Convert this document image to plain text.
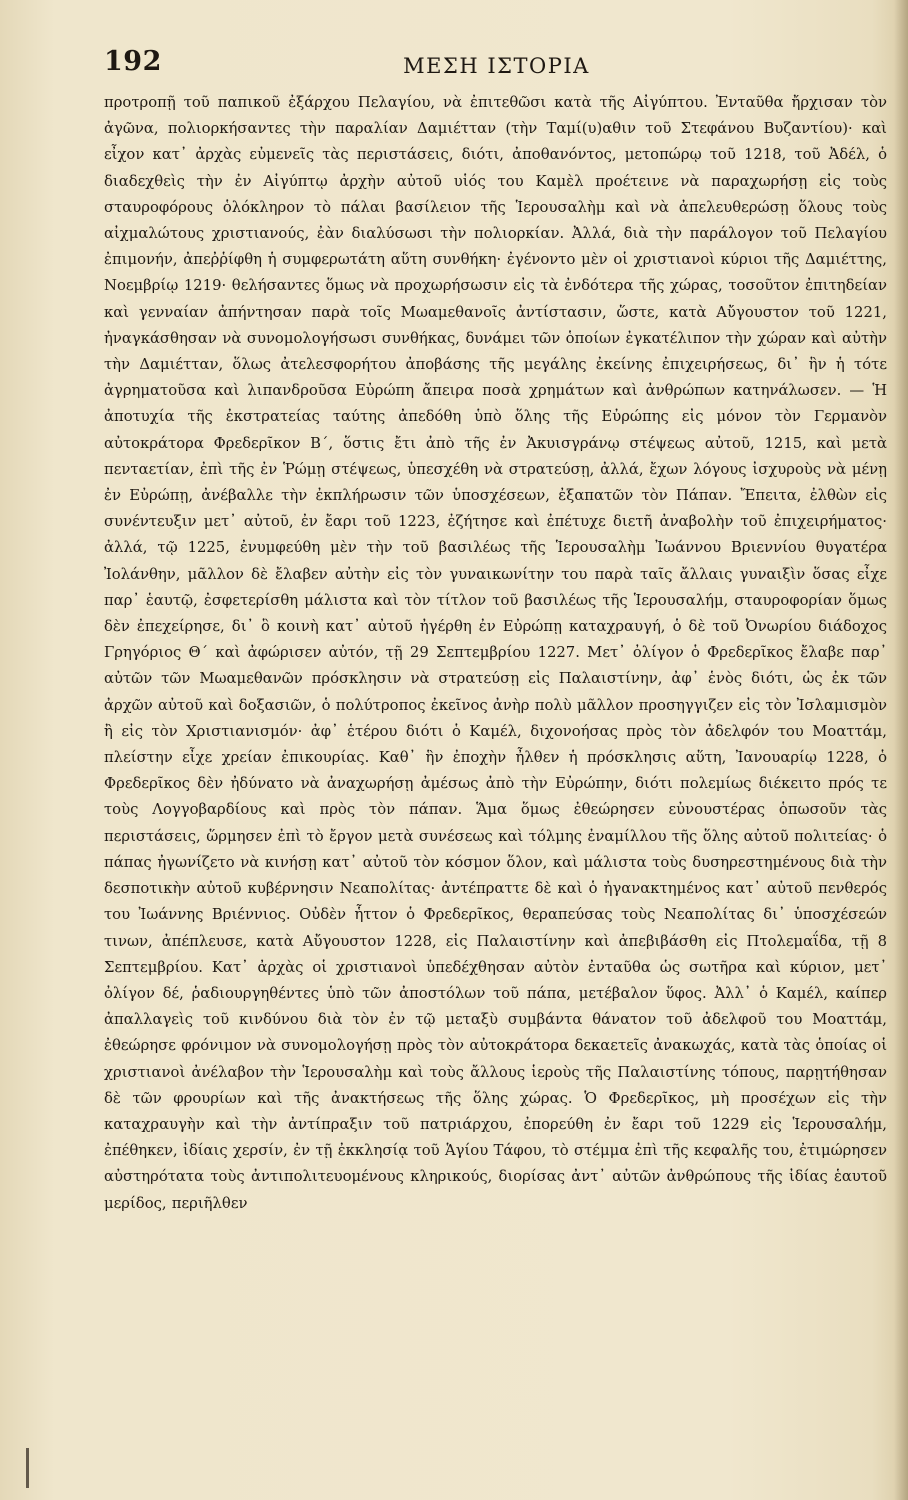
192	ΜΕΣΗ ΙΣΤΟΡΙΑ

προτροπῇ τοῦ παπικοῦ ἐξάρχου Πελαγίου, νὰ ἐπιτεθῶσι κατὰ τῆς Αἰγύπτου. Ἐνταῦθα ἤρχισαν τὸν ἀγῶνα, πολιορκήσαντες τὴν παραλίαν Δαμιέτταν (τὴν Ταμί(υ)αθιν τοῦ Στεφάνου Βυζαντίου)· καὶ εἶχον κατ᾽ ἀρχὰς εὐμενεῖς τὰς περιστάσεις, διότι, ἀποθανόντος, μετοπώρῳ τοῦ 1218, τοῦ Ἀδέλ, ὁ διαδεχθεὶς τὴν ἐν Αἰγύπτῳ ἀρχὴν αὐτοῦ υἱός του Καμὲλ προέτεινε νὰ παραχωρήσῃ εἰς τοὺς σταυροφόρους ὁλόκληρον τὸ πάλαι βασίλειον τῆς Ἱερουσαλὴμ καὶ νὰ ἀπελευθερώσῃ ὅλους τοὺς αἰχμαλώτους χριστιανούς, ἐὰν διαλύσωσι τὴν πολιορκίαν. Ἀλλά, διὰ τὴν παράλογον τοῦ Πελαγίου ἐπιμονήν, ἀπεῤῥίφθη ἡ συμφερωτάτη αὕτη συνθήκη· ἐγένοντο μὲν οἱ χριστιανοὶ κύριοι τῆς Δαμιέττης, Νοεμβρίῳ 1219· θελήσαντες ὅμως νὰ προχωρήσωσιν εἰς τὰ ἐνδότερα τῆς χώρας, τοσοῦτον ἐπιτηδείαν καὶ γενναίαν ἀπήντησαν παρὰ τοῖς Μωαμεθανοῖς ἀντίστασιν, ὥστε, κατὰ Αὔγουστον τοῦ 1221, ἠναγκάσθησαν νὰ συνομολογήσωσι συνθήκας, δυνάμει τῶν ὁποίων ἐγκατέλιπον τὴν χώραν καὶ αὐτὴν τὴν Δαμιέτταν, ὅλως ἀτελεσφορήτου ἀποβάσης τῆς μεγάλης ἐκείνης ἐπιχειρήσεως, δι᾽ ἣν ἡ τότε ἀγρηματοῦσα καὶ λιπανδροῦσα Εὐρώπη ἄπειρα ποσὰ χρημάτων καὶ ἀνθρώπων κατηνάλωσεν. — Ἡ ἀποτυχία τῆς ἐκστρατείας ταύτης ἀπεδόθη ὑπὸ ὅλης τῆς Εὐρώπης εἰς μόνον τὸν Γερμανὸν αὐτοκράτορα Φρεδερῖκον Β´, ὅστις ἔτι ἀπὸ τῆς ἐν Ἀκυισγράνῳ στέψεως αὐτοῦ, 1215, καὶ μετὰ πενταετίαν, ἐπὶ τῆς ἐν Ῥώμῃ στέψεως, ὑπεσχέθη νὰ στρατεύσῃ, ἀλλά, ἔχων λόγους ἰσχυροὺς νὰ μένῃ ἐν Εὐρώπῃ, ἀνέβαλλε τὴν ἐκπλήρωσιν τῶν ὑποσχέσεων, ἐξαπατῶν τὸν Πάπαν. Ἔπειτα, ἐλθὼν εἰς συνέντευξιν μετ᾽ αὐτοῦ, ἐν ἔαρι τοῦ 1223, ἐζήτησε καὶ ἐπέτυχε διετῆ ἀναβολὴν τοῦ ἐπιχειρήματος· ἀλλά, τῷ 1225, ἐνυμφεύθη μὲν τὴν τοῦ βασιλέως τῆς Ἱερουσαλὴμ Ἰωάννου Βριεννίου θυγατέρα Ἰολάνθην, μᾶλλον δὲ ἔλαβεν αὐτὴν εἰς τὸν γυναικωνίτην του παρὰ ταῖς ἄλλαις γυναιξὶν ὅσας εἶχε παρ᾽ ἑαυτῷ, ἐσφετερίσθη μάλιστα καὶ τὸν τίτλον τοῦ βασιλέως τῆς Ἱερουσαλήμ, σταυροφορίαν ὅμως δὲν ἐπεχείρησε, δι᾽ ὃ κοινὴ κατ᾽ αὐτοῦ ἠγέρθη ἐν Εὐρώπῃ καταχραυγή, ὁ δὲ τοῦ Ὀνωρίου διάδοχος Γρηγόριος Θ´ καὶ ἀφώρισεν αὐτόν, τῇ 29 Σεπτεμβρίου 1227. Μετ᾽ ὀλίγον ὁ Φρεδερῖκος ἔλαβε παρ᾽ αὐτῶν τῶν Μωαμεθανῶν πρόσκλησιν νὰ στρατεύσῃ εἰς Παλαιστίνην, ἀφ᾽ ἑνὸς διότι, ὡς ἐκ τῶν ἀρχῶν αὐτοῦ καὶ δοξασιῶν, ὁ πολύτροπος ἐκεῖνος ἀνὴρ πολὺ μᾶλλον προσηγγιζεν εἰς τὸν Ἰσλαμισμὸν ἢ εἰς τὸν Χριστιανισμόν· ἀφ᾽ ἑτέρου διότι ὁ Καμέλ, διχονοήσας πρὸς τὸν ἀδελφόν του Μοαττάμ, πλείστην εἶχε χρείαν ἐπικουρίας. Καθ᾽ ἣν ἐποχὴν ἦλθεν ἡ πρόσκλησις αὕτη, Ἰανουαρίῳ 1228, ὁ Φρεδερῖκος δὲν ἠδύνατο νὰ ἀναχωρήσῃ ἀμέσως ἀπὸ τὴν Εὐρώπην, διότι πολεμίως διέκειτο πρός τε τοὺς Λογγοβαρδίους καὶ πρὸς τὸν πάπαν. Ἅμα ὅμως ἐθεώρησεν εὐνουστέρας ὁπωσοῦν τὰς περιστάσεις, ὥρμησεν ἐπὶ τὸ ἔργον μετὰ συνέσεως καὶ τόλμης ἐναμίλλου τῆς ὅλης αὐτοῦ πολιτείας· ὁ πάπας ἠγωνίζετο νὰ κινήσῃ κατ᾽ αὐτοῦ τὸν κόσμον ὅλον, καὶ μάλιστα τοὺς δυσηρεστημένους διὰ τὴν δεσποτικὴν αὐτοῦ κυβέρνησιν Νεαπολίτας· ἀντέπραττε δὲ καὶ ὁ ἠγανακτημένος κατ᾽ αὐτοῦ πενθερός του Ἰωάννης Βριέννιος. Οὐδὲν ἧττον ὁ Φρεδερῖκος, θεραπεύσας τοὺς Νεαπολίτας δι᾽ ὑποσχέσεών τινων, ἀπέπλευσε, κατὰ Αὔγουστον 1228, εἰς Παλαιστίνην καὶ ἀπεβιβάσθη εἰς Πτολεμαΐδα, τῇ 8 Σεπτεμβρίου. Κατ᾽ ἀρχὰς οἱ χριστιανοὶ ὑπεδέχθησαν αὐτὸν ἐνταῦθα ὡς σωτῆρα καὶ κύριον, μετ᾽ ὀλίγον δέ, ῥαδιουργηθέντες ὑπὸ τῶν ἀποστόλων τοῦ πάπα, μετέβαλον ὕφος. Ἀλλ᾽ ὁ Καμέλ, καίπερ ἀπαλλαγεὶς τοῦ κινδύνου διὰ τὸν ἐν τῷ μεταξὺ συμβάντα θάνατον τοῦ ἀδελφοῦ του Μοαττάμ, ἐθεώρησε φρόνιμον νὰ συνομολογήσῃ πρὸς τὸν αὐτοκράτορα δεκαετεῖς ἀνακωχάς, κατὰ τὰς ὁποίας οἱ χριστιανοὶ ἀνέλαβον τὴν Ἱερουσαλὴμ καὶ τοὺς ἄλλους ἱεροὺς τῆς Παλαιστίνης τόπους, παρῃτήθησαν δὲ τῶν φρουρίων καὶ τῆς ἀνακτήσεως τῆς ὅλης χώρας. Ὁ Φρεδερῖκος, μὴ προσέχων εἰς τὴν καταχραυγὴν καὶ τὴν ἀντίπραξιν τοῦ πατριάρχου, ἐπορεύθη ἐν ἔαρι τοῦ 1229 εἰς Ἱερουσαλήμ, ἐπέθηκεν, ἰδίαις χερσίν, ἐν τῇ ἐκκλησίᾳ τοῦ Ἁγίου Τάφου, τὸ στέμμα ἐπὶ τῆς κεφαλῆς του, ἐτιμώρησεν αὐστηρότατα τοὺς ἀντιπολιτευομένους κληρικούς, διορίσας ἀντ᾽ αὐτῶν ἀνθρώπους τῆς ἰδίας ἑαυτοῦ μερίδος, περιῆλθεν
